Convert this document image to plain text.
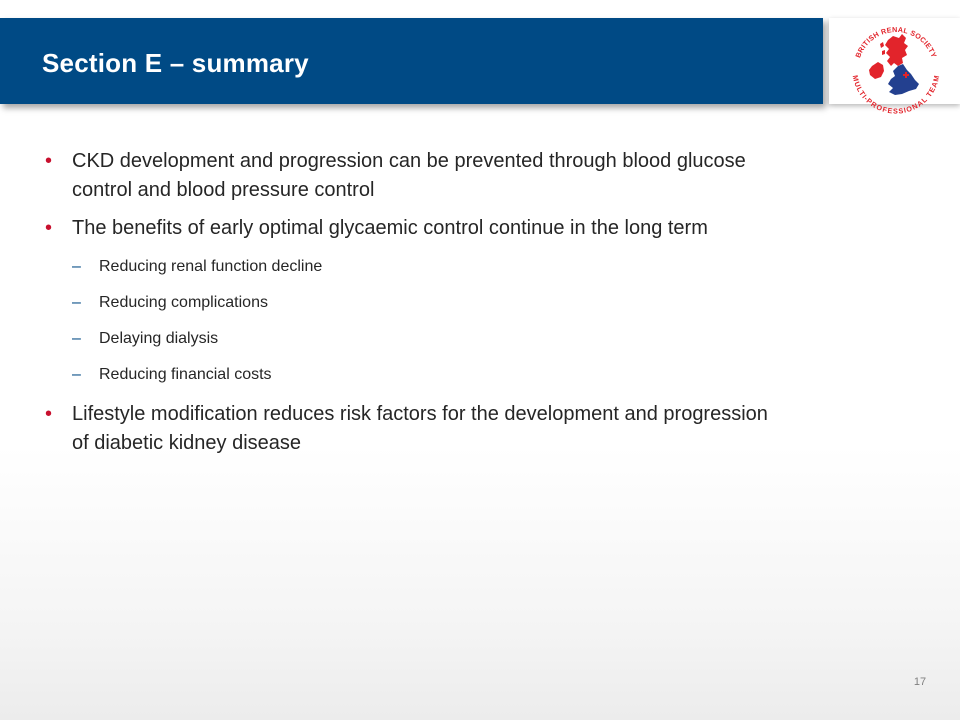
Section E – summary	BRITISH RENAL SOCIETY
MULTI-PROFESSIONAL TEAM
• CKD development and progression can be prevented through blood glucose
control and blood pressure control
• The benefits of early optimal glycaemic control continue in the long term
– Reducing renal function decline
– Reducing complications
– Delaying dialysis
– Reducing financial costs
• Lifestyle modification reduces risk factors for the development and progression
of diabetic kidney disease
17
